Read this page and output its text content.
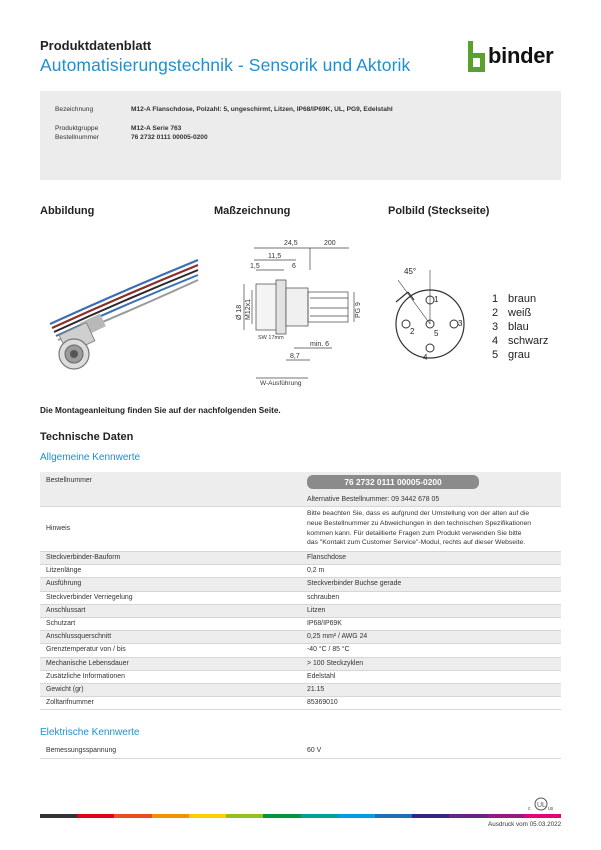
Produktdatenblatt
Automatisierungstechnik - Sensorik und Aktorik	binder
Bezeichnung	M12-A Flanschdose, Polzahl: 5, ungeschirmt, Litzen, IP68/IP69K, UL, PG9, Edelstahl
Produktgruppe	M12-A Serie 763
Bestellnummer	76 2732 0111 00005-0200
Abbildung	Maßzeichnung	Polbild (Steckseite)
24,5	200
11,5
1,5	6
Ø 18 M12x1	PG 9
SW 17mm
min. 6
8,7
W-Ausführung
45°
1
3
4
2 5
1 braun
2 weiß
3 blau
4 schwarz
5 grau
Die Montageanleitung finden Sie auf der nachfolgenden Seite.
Technische Daten
Allgemeine Kennwerte
Bestellnummer	76 2732 0111 00005-0200
Alternative Bestellnummer: 09 3442 678 05
Hinweis
Bitte beachten Sie, dass es aufgrund der Umstellung von der alten auf die
neue Bestellnummer zu Abweichungen in den technischen Spezifikationen
kommen kann. Für detaillierte Fragen zum Produkt verwenden Sie bitte
das "Kontakt zum Customer Service"-Modul, rechts auf dieser Webseite.
Steckverbinder-Bauform	Flanschdose
Litzenlänge	0,2 m
Ausführung	Steckverbinder Buchse gerade
Steckverbinder Verriegelung	schrauben
Anschlussart	Litzen
Schutzart	IP68/IP69K
Anschlussquerschnitt	0,25 mm² / AWG 24
Grenztemperatur von / bis	-40 °C / 85 °C
Mechanische Lebensdauer	> 100 Steckzyklen
Zusätzliche Informationen	Edelstahl
Gewicht (gr)	21.15
Zolltarifnummer	85369010
Elektrische Kennwerte
Bemessungsspannung	60 V
UL
c	us
Ausdruck vom 05.03.2022
